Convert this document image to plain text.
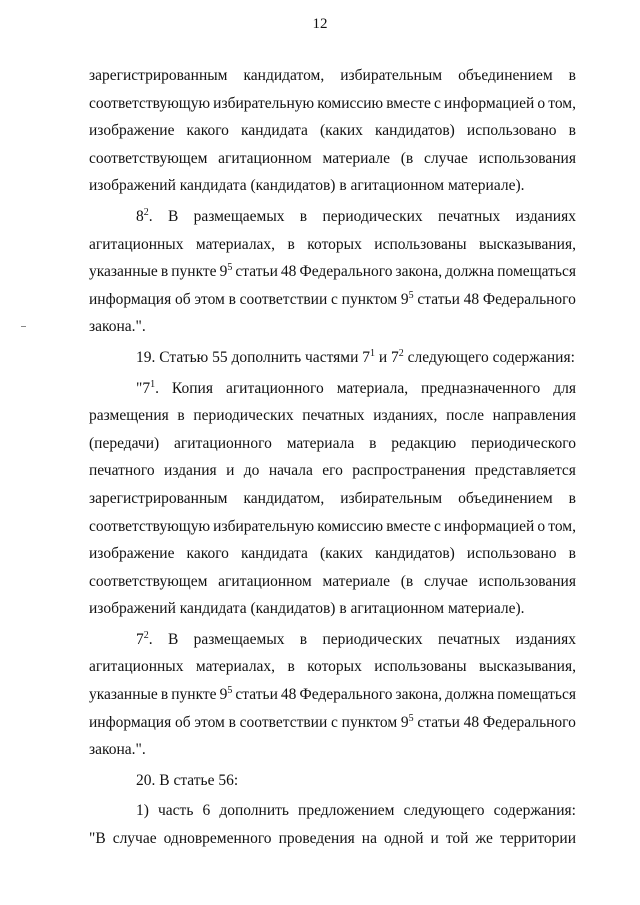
12
зарегистрированным кандидатом, избирательным объединением в
соответствующую избирательную комиссию вместе с информацией о том,
изображение какого кандидата (каких кандидатов) использовано в
соответствующем агитационном материале (в случае использования
изображений кандидата (кандидатов) в агитационном материале).
$8^2$. В размещаемых в периодических печатных изданиях
агитационных материалах, в которых использованы высказывания,
указанные в пункте $9^5$ статьи 48 Федерального закона, должна помещаться
информация об этом в соответствии с пунктом $9^5$ статьи 48 Федерального
закона.".
19. Статью 55 дополнить частями $7^1$ и $7^2$ следующего содержания:
"$7^1$. Копия агитационного материала, предназначенного для
размещения в периодических печатных изданиях, после направления
(передачи) агитационного материала в редакцию периодического
печатного издания и до начала его распространения представляется
зарегистрированным кандидатом, избирательным объединением в
соответствующую избирательную комиссию вместе с информацией о том,
изображение какого кандидата (каких кандидатов) использовано в
соответствующем агитационном материале (в случае использования
изображений кандидата (кандидатов) в агитационном материале).
$7^2$. В размещаемых в периодических печатных изданиях
агитационных материалах, в которых использованы высказывания,
указанные в пункте $9^5$ статьи 48 Федерального закона, должна помещаться
информация об этом в соответствии с пунктом $9^5$ статьи 48 Федерального
закона.".
20. В статье 56:
1) часть 6 дополнить предложением следующего содержания:
"В случае одновременного проведения на одной и той же территории
